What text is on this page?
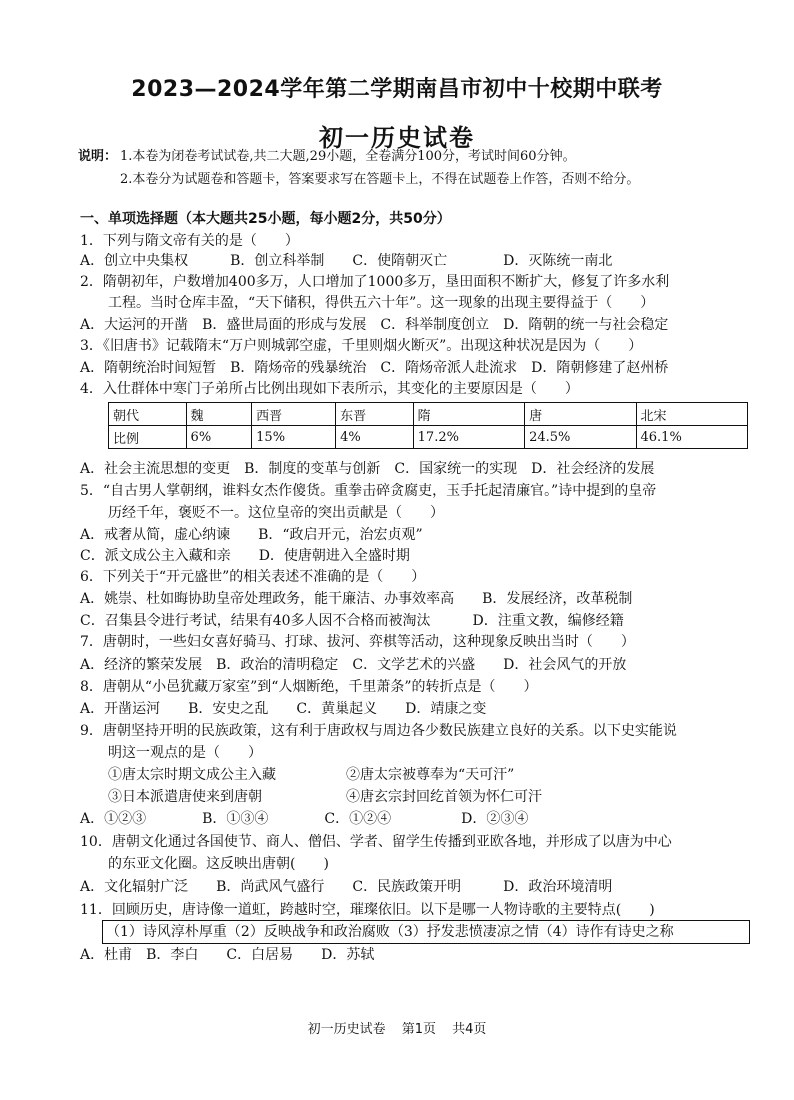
2023—2024学年第二学期南昌市初中十校期中联考
初一历史试卷
说明： 1.本卷为闭卷考试试卷,共二大题,29小题，全卷满分100分，考试时间60分钟。
2.本卷分为试题卷和答题卡，答案要求写在答题卡上，不得在试题卷上作答，否则不给分。
一、单项选择题（本大题共25小题，每小题2分，共50分）
1．下列与隋文帝有关的是（　　）
A．创立中央集权　　　B．创立科举制　　C．使隋朝灭亡　　　　D．灭陈统一南北
2．隋朝初年，户数增加400多万，人口增加了1000多万，垦田面积不断扩大，修复了许多水利
　　工程。当时仓库丰盈，“天下储积，得供五六十年”。这一现象的出现主要得益于（　　）
A．大运河的开凿　B．盛世局面的形成与发展　C．科举制度创立　D．隋朝的统一与社会稳定
3．《旧唐书》记载隋末“万户则城郭空虚，千里则烟火断灭”。出现这种状况是因为（　　）
A．隋朝统治时间短暂　B．隋炀帝的残暴统治　C．隋炀帝派人赴流求　D．隋朝修建了赵州桥
4．入仕群体中寒门子弟所占比例出现如下表所示，其变化的主要原因是（　　）
朝代	魏	西晋	东晋	隋	唐	北宋
比例	6%	15%	4%	17.2%	24.5%	46.1%
A．社会主流思想的变更　B．制度的变革与创新　C．国家统一的实现　D．社会经济的发展
5．“自古男人掌朝纲，谁料女杰作傻货。重拳击碎贪腐吏，玉手托起清廉官。”诗中提到的皇帝
　　历经千年，褒贬不一。这位皇帝的突出贡献是（　　）
A．戒奢从简，虚心纳谏　　B．“政启开元，治宏贞观”
C．派文成公主入藏和亲　　D．使唐朝进入全盛时期
6．下列关于“开元盛世”的相关表述不准确的是（　　）
A．姚崇、杜如晦协助皇帝处理政务，能干廉洁、办事效率高　　B．发展经济，改革税制
C．召集县令进行考试，结果有40多人因不合格而被淘汰　　　D．注重文教，编修经籍
7．唐朝时，一些妇女喜好骑马、打球、拔河、弈棋等活动，这种现象反映出当时（　　）
A．经济的繁荣发展　B．政治的清明稳定　C．文学艺术的兴盛　　D．社会风气的开放
8．唐朝从“小邑犹藏万家室”到“人烟断绝，千里萧条”的转折点是（　　）
A．开凿运河　　B．安史之乱　　C．黄巢起义　　D．靖康之变
9．唐朝坚持开明的民族政策，这有利于唐政权与周边各少数民族建立良好的关系。以下史实能说
　　明这一观点的是（　　）
　　①唐太宗时期文成公主入藏　　　　　②唐太宗被尊奉为“天可汗”
　　③日本派遣唐使来到唐朝　　　　　　④唐玄宗封回纥首领为怀仁可汗
A．①②③　　　　B．①③④　　　　C．①②④　　　　　D．②③④
10．唐朝文化通过各国使节、商人、僧侣、学者、留学生传播到亚欧各地，并形成了以唐为中心
　　的东亚文化圈。这反映出唐朝(　　)
A．文化辐射广泛　　B．尚武风气盛行　　C．民族政策开明　　　D．政治环境清明
11．回顾历史，唐诗像一道虹，跨越时空，璀璨依旧。以下是哪一人物诗歌的主要特点(　　)
（1）诗风淳朴厚重（2）反映战争和政治腐败（3）抒发悲愤凄凉之情（4）诗作有诗史之称
A．杜甫　B．李白　　C．白居易　　D．苏轼
初一历史试卷 第1页 共4页
